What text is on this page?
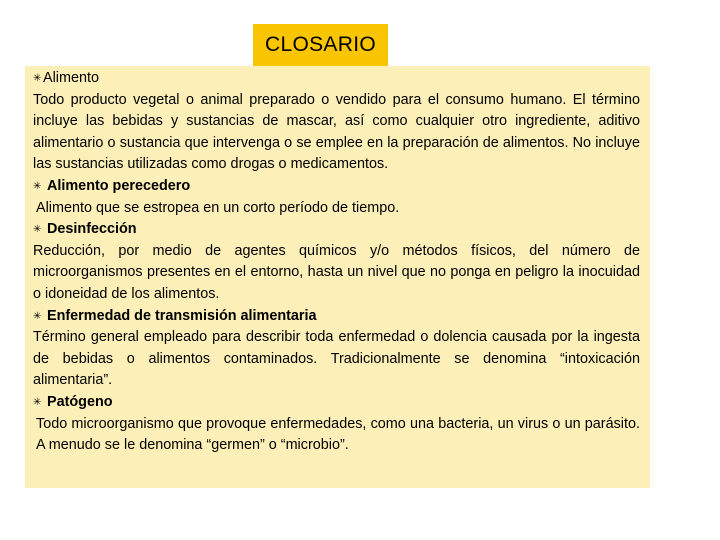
CLOSARIO
✳ Alimento
Todo producto vegetal o animal preparado o vendido para el consumo humano. El término incluye las bebidas y sustancias de mascar, así como cualquier otro ingrediente, aditivo alimentario o sustancia que intervenga o se emplee en la preparación de alimentos. No incluye las sustancias utilizadas como drogas o medicamentos.
✳ Alimento perecedero
Alimento que se estropea en un corto período de tiempo.
✳ Desinfección
Reducción, por medio de agentes químicos y/o métodos físicos, del número de microorganismos presentes en el entorno, hasta un nivel que no ponga en peligro la inocuidad o idoneidad de los alimentos.
✳ Enfermedad de transmisión alimentaria
Término general empleado para describir toda enfermedad o dolencia causada por la ingesta de bebidas o alimentos contaminados. Tradicionalmente se denomina “intoxicación alimentaria”.
✳ Patógeno
Todo microorganismo que provoque enfermedades, como una bacteria, un virus o un parásito. A menudo se le denomina “germen” o “microbio”.
